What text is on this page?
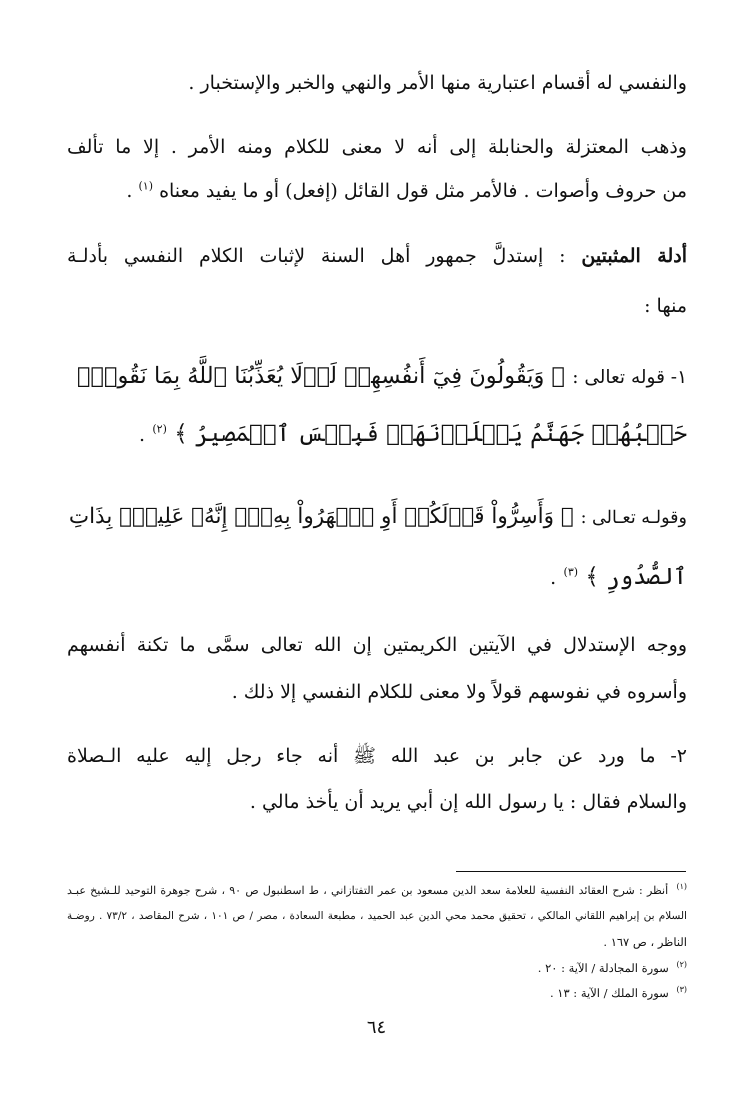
والنفسي له أقسام اعتبارية منها الأمر والنهي والخبر والإستخبار .
وذهب المعتزلة والحنابلة إلى أنه لا معنى للكلام ومنه الأمر . إلا ما تألف
من حروف وأصوات . فالأمر مثل قول القائل (إفعل) أو ما يفيد معناه $^{(١)}$ .
أدلة المثبتين : إستدلَّ جمهور أهل السنة لإثبات الكلام النفسي بأدلـة
منها :
١- قوله تعالى : ﴿ وَيَقُولُونَ فِيٓ أَنفُسِهِمۡ لَوۡلَا يُعَذِّبُنَا ٱللَّهُ بِمَا نَقُولُۚ
حَسۡبُهُمۡ جَهَنَّمُ يَصۡلَوۡنَهَاۖ فَبِئۡسَ ٱلۡمَصِيرُ ﴾ $^{(٢)}$ .
وقولـه تعـالى : ﴿ وَأَسِرُّواْ قَوۡلَكُمۡ أَوِ ٱجۡهَرُواْ بِهِۦٓۖ إِنَّهُۥ عَلِيمُۢ بِذَاتِ
ٱلصُّدُورِ ﴾ $^{(٣)}$ .
ووجه الإستدلال في الآيتين الكريمتين إن الله تعالى سمَّى ما تكنة أنفسهم
وأسروه في نفوسهم قولاً ولا معنى للكلام النفسي إلا ذلك .
٢- ما ورد عن جابر بن عبد الله ﷺ أنه جاء رجل إليه عليه الـصلاة
والسلام فقال : يا رسول الله إن أبي يريد أن يأخذ مالي .
$^{(١)}$ أنظر : شرح العقائد النفسية للعلامة سعد الدين مسعود بن عمر التفتازاني ، ط اسطنبول ص ٩٠ ، شرح جوهرة التوحيد للـشيخ عبـد
السلام بن إبراهيم اللقاني المالكي ، تحقيق محمد محي الدين عبد الحميد ، مطبعة السعادة ، مصر / ص ١٠١ ، شرح المقاصد ، ٧٣/٢ . روضـة
الناظر ، ص ١٦٧ .
$^{(٢)}$ سورة المجادلة / الآية : ٢٠ .
$^{(٣)}$ سورة الملك / الآية : ١٣ .
٦٤
